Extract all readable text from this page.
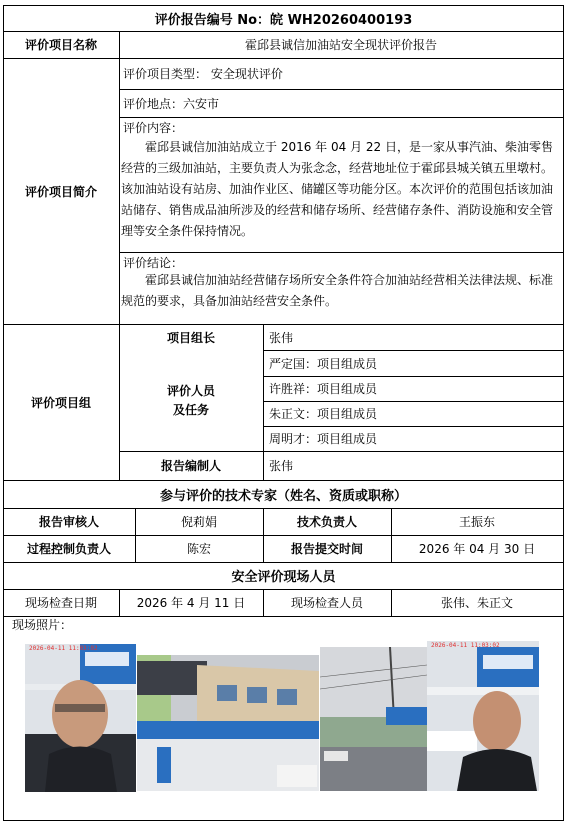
评价报告编号 No：皖 WH20260400193
评价项目名称	霍邱县诚信加油站安全现状评价报告
评价项目简介
评价项目类型： 安全现状评价
评价地点：六安市
评价内容：
霍邱县诚信加油站成立于 2016 年 04 月 22 日，是一家从事汽油、柴油零售经营的三级加油站，主要负责人为张念念，经营地址位于霍邱县城关镇五里墩村。该加油站设有站房、加油作业区、储罐区等功能分区。本次评价的范围包括该加油站储存、销售成品油所涉及的经营和储存场所、经营储存条件、消防设施和安全管理等安全条件保持情况。
评价结论：
霍邱县诚信加油站经营储存场所安全条件符合加油站经营相关法律法规、标准规范的要求，具备加油站经营安全条件。
评价项目组
项目组长	张伟
评价人员
及任务
严定国：项目组成员
许胜祥：项目组成员
朱正文：项目组成员
周明才：项目组成员
报告编制人	张伟
参与评价的技术专家（姓名、资质或职称）
报告审核人	倪莉娟	技术负责人	王振东
过程控制负责人	陈宏	报告提交时间	2026 年 04 月 30 日
安全评价现场人员
现场检查日期	2026 年 4 月 11 日	现场检查人员	张伟、朱正文
现场照片：
2026-04-11 11:03:02	2026-04-11 11:03:02
